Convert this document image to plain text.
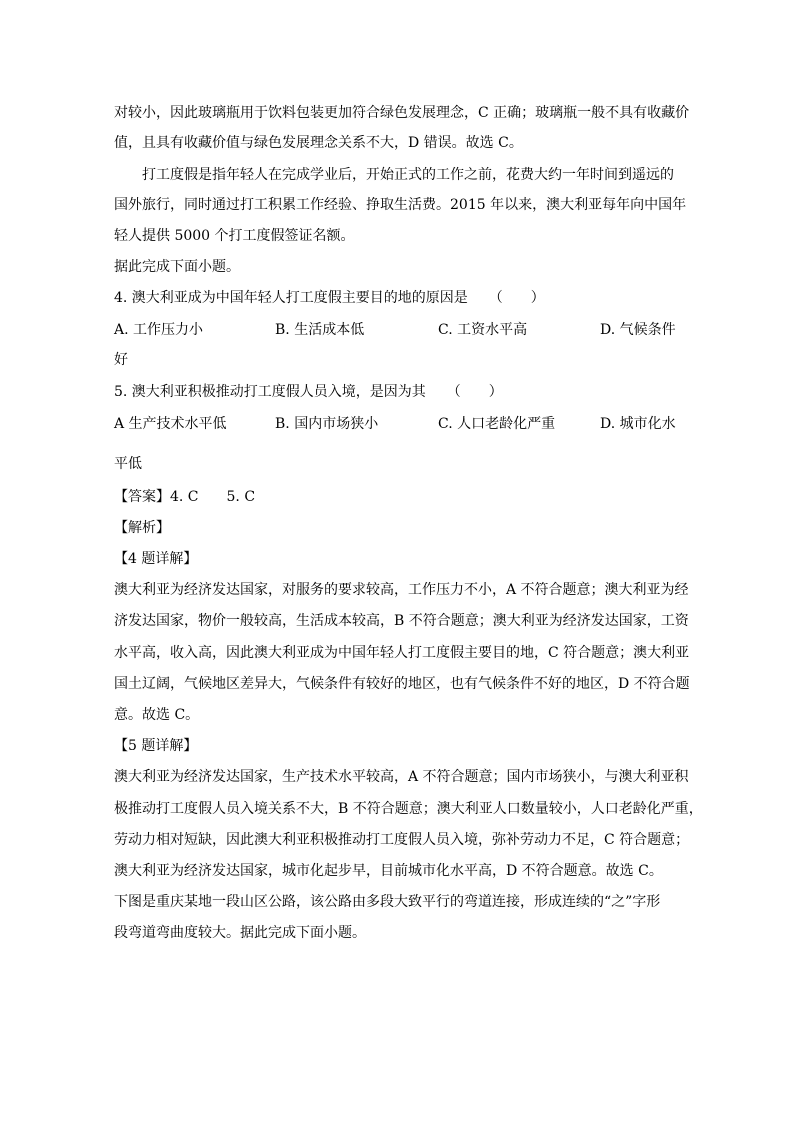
对较小，因此玻璃瓶用于饮料包装更加符合绿色发展理念，C 正确；玻璃瓶一般不具有收藏价
值，且具有收藏价值与绿色发展理念关系不大，D 错误。故选 C。
打工度假是指年轻人在完成学业后，开始正式的工作之前，花费大约一年时间到遥远的
国外旅行，同时通过打工积累工作经验、挣取生活费。2015 年以来，澳大利亚每年向中国年
轻人提供 5000 个打工度假签证名额。
据此完成下面小题。
4. 澳大利亚成为中国年轻人打工度假主要目的地的原因是　　（　　）
A. 工作压力小	B. 生活成本低	C. 工资水平高	D. 气候条件
好
5. 澳大利亚积极推动打工度假人员入境，是因为其　　（　　）
A 生产技术水平低	B. 国内市场狭小	C. 人口老龄化严重	D. 城市化水
平低
【答案】4. C　　5. C
【解析】
【4 题详解】
澳大利亚为经济发达国家，对服务的要求较高，工作压力不小，A 不符合题意；澳大利亚为经
济发达国家，物价一般较高，生活成本较高，B 不符合题意；澳大利亚为经济发达国家，工资
水平高，收入高，因此澳大利亚成为中国年轻人打工度假主要目的地，C 符合题意；澳大利亚
国土辽阔，气候地区差异大，气候条件有较好的地区，也有气候条件不好的地区，D 不符合题
意。故选 C。
【5 题详解】
澳大利亚为经济发达国家，生产技术水平较高，A 不符合题意；国内市场狭小，与澳大利亚积
极推动打工度假人员入境关系不大，B 不符合题意；澳大利亚人口数量较小，人口老龄化严重，
劳动力相对短缺，因此澳大利亚积极推动打工度假人员入境，弥补劳动力不足，C 符合题意；
澳大利亚为经济发达国家，城市化起步早，目前城市化水平高，D 不符合题意。故选 C。
下图是重庆某地一段山区公路，该公路由多段大致平行的弯道连接，形成连续的“之”字形
段弯道弯曲度较大。据此完成下面小题。
